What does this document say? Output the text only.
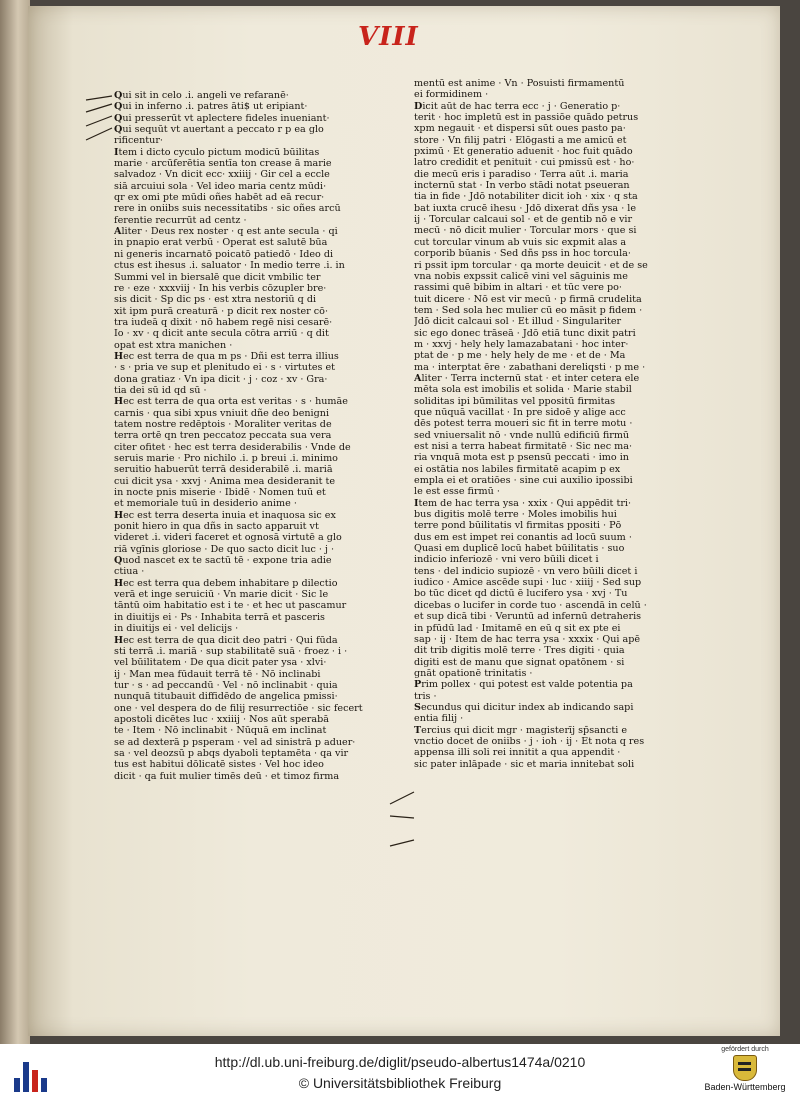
VIII
Qui sit in celo .i. angeli ve refaranē·
Qui in inferno .i. patres āti$ ut eripiant·
Qui presserūt vt aplectere fideles inueniant·
Qui sequūt vt auertant a peccato r p ea glo
rificentur·
Item i dicto cyculo pictum modicū būilitas
marie · arcūferētia sentīa ton crease ā marie
salvadoz · Vn dicit ecc· xxiiij · Gir cel a eccle
siā arcuiui sola · Vel ideo maria centz mūdi·
qr ex omi pte mūdi oñes habēt ad eā recur·
rere in oniibs suis necessitatibs · sic oñes arcū
ferentie recurrūt ad centz ·
Aliter · Deus rex noster · q est ante secula · qi
in pnapio erat verbū · Operat est salutē būa
ni generis incarnatō poicatō patiedō · Ideo di
ctus est ihesus .i. saluator · In medio terre .i. in
Summi vel in biersalē que dicit vmbilic ter
re · eze · xxxviij · In his verbis cōzupler bre·
sis dicit · Sp dic ps · est xtra nestoriū q di
xit ipm purā creaturā · p dicit rex noster cō·
tra iudeā q dixit · nō habem regē nisi cesarē·
Io · xv · q dicit ante secula cōtra arriū · q dit
opat est xtra manichen ·
Hec est terra de qua m ps · Dñi est terra illius
· s · pria ve sup et plenitudo ei · s · virtutes et
dona gratiaz · Vn ipa dicit · j · coz · xv · Gra·
tia dei sū id qd sū ·
Hec est terra de qua orta est veritas · s · humāe
carnis · qua sibi xpus vniuit dñe deo benigni
tatem nostre redēptois · Moraliter veritas de
terra ortē qn tren peccatoz peccata sua vera
citer ofitet · hec est terra desiderabilis · Vnde de
seruis marie · Pro nichilo .i. p breui .i. minimo
seruitio habuerūt terrā desiderabilē .i. mariā
cui dicit ysa · xxvj · Anima mea desideranit te
in nocte pnis miserie · Ibidē · Nomen tuū et
et memoriale tuū in desiderio anime ·
Hec est terra deserta inuia et inaquosa sic ex
ponit hiero in qua dñs in sacto apparuit vt
videret .i. videri faceret et ognosā virtutē a glo
riā vgīnis gloriose · De quo sacto dicit luc · j ·
Quod nascet ex te sactū tē · expone tria adie
ctiua ·
Hec est terra qua debem inhabitare p dilectio
verā et inge seruiciū · Vn marie dicit · Sic le
tāntū oim habitatio est i te · et hec ut pascamur
in diuitijs ei · Ps · Inhabita terrā et pasceris
in diuitijs ei · vel delicijs ·
Hec est terra de qua dicit deo patri · Qui fūda
sti terrā .i. mariā · sup stabilitatē suā · froez · i ·
vel būilitatem · De qua dicit pater ysa · xlvi·
ij · Man mea fūdauit terrā tē · Nō inclinabi
tur · s · ad peccandū · Vel · nō inclinabit · quia
nunquā titubauit diffidēdo de angelica pmissi·
one · vel despera do de filij resurrectiōe · sic fecert
apostoli dicētes luc · xxiiij · Nos aūt sperabā
te · Item · Nō inclinabit · Nūquā em inclinat
se ad dexterā p psperam · vel ad sinistrā p aduer·
sa · vel deozsū p abqs dyaboli teptamēta · qa vir
tus est habitui dōlicatē sistes · Vel hoc ideo
dicit · qa fuit mulier timēs deū · et timoz firma
mentū est anime · Vn · Posuisti firmamentū
ei formidinem ·
Dicit aūt de hac terra ecc · j · Generatio p·
terit · hoc impletū est in passiōe quādo petrus
xpm negauit · et dispersi sūt oues pasto pa·
store · Vn filij patri · Elōgasti a me amicū et
pximū · Et generatio aduenit · hoc fuit quādo
latro credidit et penituit · cui pmissū est · ho·
die mecū eris i paradiso · Terra aūt .i. maria
incternū stat · In verbo stādi notat pseueran
tia in fide · Jdō notabiliter dicit ioh · xix · q sta
bat iuxta crucē ihesu · Jdō dixerat dñs ysa · le
ij · Torcular calcaui sol · et de gentib nō e vir
mecū · nō dicit mulier · Torcular mors · que si
cut torcular vinum ab vuis sic expmit alas a
corporib būanis · Sed dñs pss in hoc torcula·
ri pssit ipm torcular · qa morte deuicit · et de se
vna nobis expssit calicē vini vel sāguinis me
rassimi quē bibim in altari · et tūc vere po·
tuit dicere · Nō est vir mecū · p firmā crudelita
tem · Sed sola hec mulier cū eo māsit p fidem ·
Jdō dicit calcaui sol · Et illud · Singulariter
sic ego donec trāseā · Jdō etiā tunc dixit patri
m · xxvj · hely hely lamazabatani · hoc inter·
ptat de · p me · hely hely de me · et de · Ma
ma · interptat ēre · zabathani dereliqsti · p me ·
Aliter · Terra incternū stat · et inter cetera ele
mēta sola est imobilis et solida · Marie stabil
soliditas ipi būmilitas vel ppositū firmitas
que nūquā vacillat · In pre sidoē y alige acc
dēs potest terra moueri sic fit in terre motu ·
sed vniuersalit nō · vnde nullū edificiū firmū
est nisi a terra habeat firmitatē · Sic nec ma·
ria vnquā mota est p psensū peccati · imo in
ei ostātia nos labiles firmitatē acapim p ex
empla ei et oratiōes · sine cui auxilio ipossibi
le est esse firmū ·
Item de hac terra ysa · xxix · Qui appēdit tri·
bus digitis molē terre · Moles imobilis hui
terre pond būilitatis vl firmitas ppositi · Pō
dus em est impet rei conantis ad locū suum ·
Quasi em duplicē locū habet būilitatis · suo
indicio inferiozē · vni vero būili dicet i
tens · del indicio supiozē · vn vero būili dicet i
iudico · Amice ascēde supi · luc · xiiij · Sed sup
bo tūc dicet qd dictū ē lucifero ysa · xvj · Tu
dicebas o lucifer in corde tuo · ascendā in celū ·
et sup dicā tibi · Veruntū ad infernū detraheris
in pfūdū lad · Imitamē en eū q sit ex pte ei
sap · ij · Item de hac terra ysa · xxxix · Qui apē
dit trib digitis molē terre · Tres digiti · quia
digiti est de manu que signat opatōnem · si
gnāt opationē trinitatis ·
Prim pollex · qui potest est valde potentia pa
tris ·
Secundus qui dicitur index ab indicando sapi
entia filij ·
Tercius qui dicit mgr · magisterīj sp̄sancti e
vnctio docet de oniibs · j · ioh · ij · Et nota q res
appensa illi soli rei innitit a qua appendit ·
sic pater inlāpade · sic et maria innitebat soli
http://dl.ub.uni-freiburg.de/diglit/pseudo-albertus1474a/0210
© Universitätsbibliothek Freiburg
gefördert durch
Baden-Württemberg
